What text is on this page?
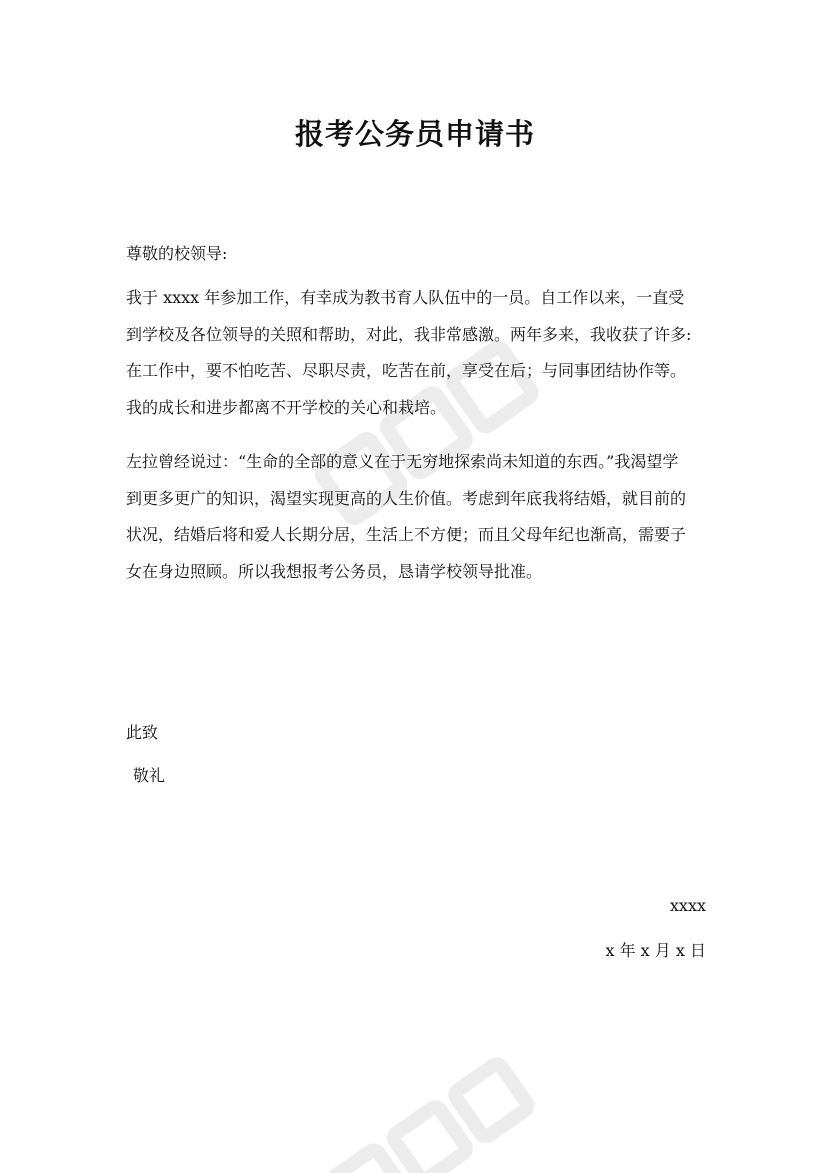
报考公务员申请书
尊敬的校领导:
我于 xxxx 年参加工作，有幸成为教书育人队伍中的一员。自工作以来，一直受
到学校及各位领导的关照和帮助，对此，我非常感激。两年多来，我收获了许多:
在工作中，要不怕吃苦、尽职尽责，吃苦在前，享受在后；与同事团结协作等。
我的成长和进步都离不开学校的关心和栽培。
左拉曾经说过：“生命的全部的意义在于无穷地探索尚未知道的东西。”我渴望学
到更多更广的知识，渴望实现更高的人生价值。考虑到年底我将结婚，就目前的
状况，结婚后将和爱人长期分居，生活上不方便；而且父母年纪也渐高，需要子
女在身边照顾。所以我想报考公务员，恳请学校领导批准。
此致
敬礼
xxxx
x 年 x 月 x 日
